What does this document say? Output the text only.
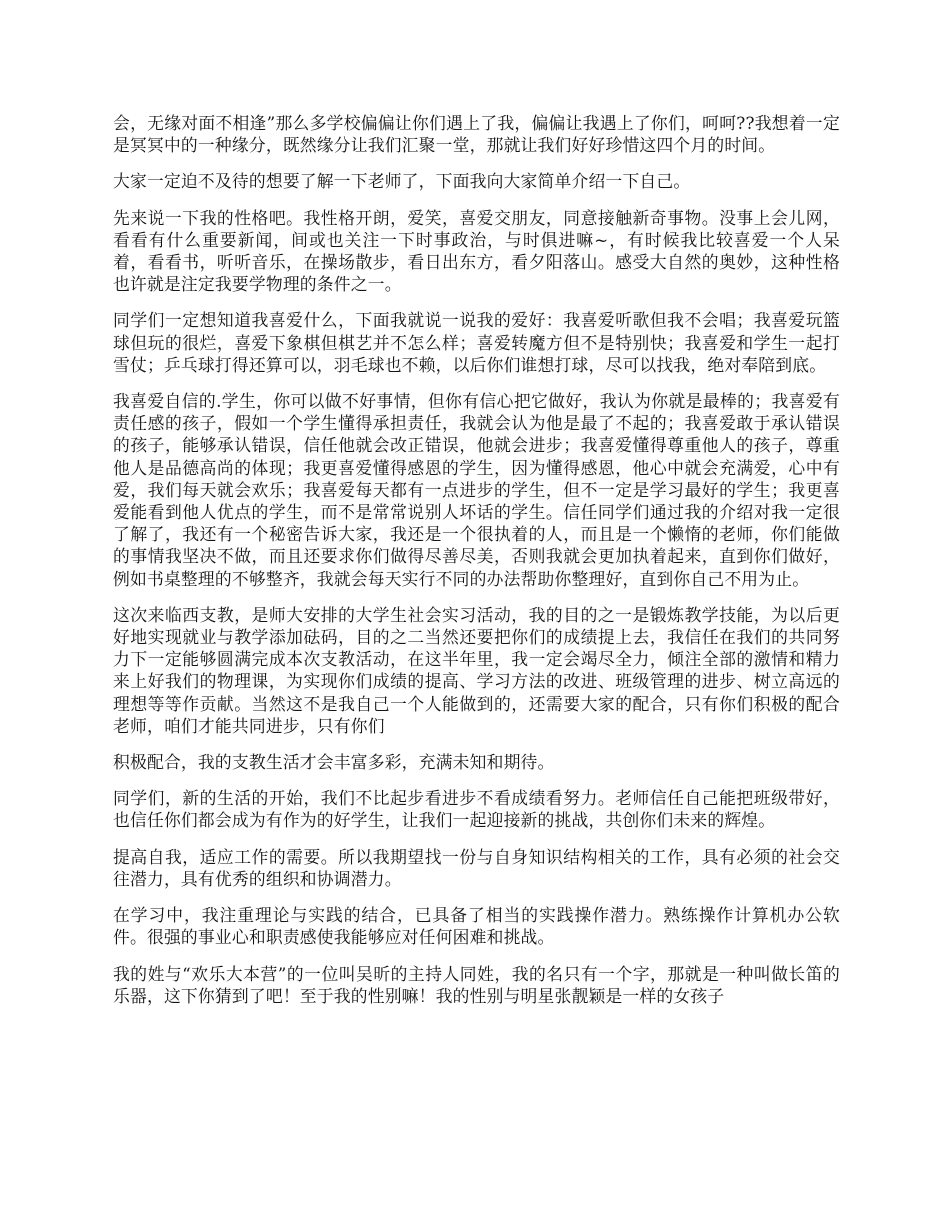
会，无缘对面不相逢”那么多学校偏偏让你们遇上了我，偏偏让我遇上了你们，呵呵??我想着一定是冥冥中的一种缘分，既然缘分让我们汇聚一堂，那就让我们好好珍惜这四个月的时间。

大家一定迫不及待的想要了解一下老师了，下面我向大家简单介绍一下自己。

先来说一下我的性格吧。我性格开朗，爱笑，喜爱交朋友，同意接触新奇事物。没事上会儿网，看看有什么重要新闻，间或也关注一下时事政治，与时俱进嘛~，有时候我比较喜爱一个人呆着，看看书，听听音乐，在操场散步，看日出东方，看夕阳落山。感受大自然的奥妙，这种性格也许就是注定我要学物理的条件之一。

同学们一定想知道我喜爱什么，下面我就说一说我的爱好：我喜爱听歌但我不会唱；我喜爱玩篮球但玩的很烂，喜爱下象棋但棋艺并不怎么样；喜爱转魔方但不是特别快；我喜爱和学生一起打雪仗；乒乓球打得还算可以，羽毛球也不赖，以后你们谁想打球，尽可以找我，绝对奉陪到底。

我喜爱自信的.学生，你可以做不好事情，但你有信心把它做好，我认为你就是最棒的；我喜爱有责任感的孩子，假如一个学生懂得承担责任，我就会认为他是最了不起的；我喜爱敢于承认错误的孩子，能够承认错误，信任他就会改正错误，他就会进步；我喜爱懂得尊重他人的孩子，尊重他人是品德高尚的体现；我更喜爱懂得感恩的学生，因为懂得感恩，他心中就会充满爱，心中有爱，我们每天就会欢乐；我喜爱每天都有一点进步的学生，但不一定是学习最好的学生；我更喜爱能看到他人优点的学生，而不是常常说别人坏话的学生。信任同学们通过我的介绍对我一定很了解了，我还有一个秘密告诉大家，我还是一个很执着的人，而且是一个懒惰的老师，你们能做的事情我坚决不做，而且还要求你们做得尽善尽美，否则我就会更加执着起来，直到你们做好，例如书桌整理的不够整齐，我就会每天实行不同的办法帮助你整理好，直到你自己不用为止。

这次来临西支教，是师大安排的大学生社会实习活动，我的目的之一是锻炼教学技能，为以后更好地实现就业与教学添加砝码，目的之二当然还要把你们的成绩提上去，我信任在我们的共同努力下一定能够圆满完成本次支教活动，在这半年里，我一定会竭尽全力，倾注全部的激情和精力来上好我们的物理课，为实现你们成绩的提高、学习方法的改进、班级管理的进步、树立高远的理想等等作贡献。当然这不是我自己一个人能做到的，还需要大家的配合，只有你们积极的配合老师，咱们才能共同进步，只有你们

积极配合，我的支教生活才会丰富多彩，充满未知和期待。

同学们，新的生活的开始，我们不比起步看进步不看成绩看努力。老师信任自己能把班级带好，也信任你们都会成为有作为的好学生，让我们一起迎接新的挑战，共创你们未来的辉煌。

提高自我，适应工作的需要。所以我期望找一份与自身知识结构相关的工作，具有必须的社会交往潜力，具有优秀的组织和协调潜力。

在学习中，我注重理论与实践的结合，已具备了相当的实践操作潜力。熟练操作计算机办公软件。很强的事业心和职责感使我能够应对任何困难和挑战。

我的姓与“欢乐大本营”的一位叫吴昕的主持人同姓，我的名只有一个字，那就是一种叫做长笛的乐器，这下你猜到了吧！至于我的性别嘛！我的性别与明星张靓颖是一样的女孩子
